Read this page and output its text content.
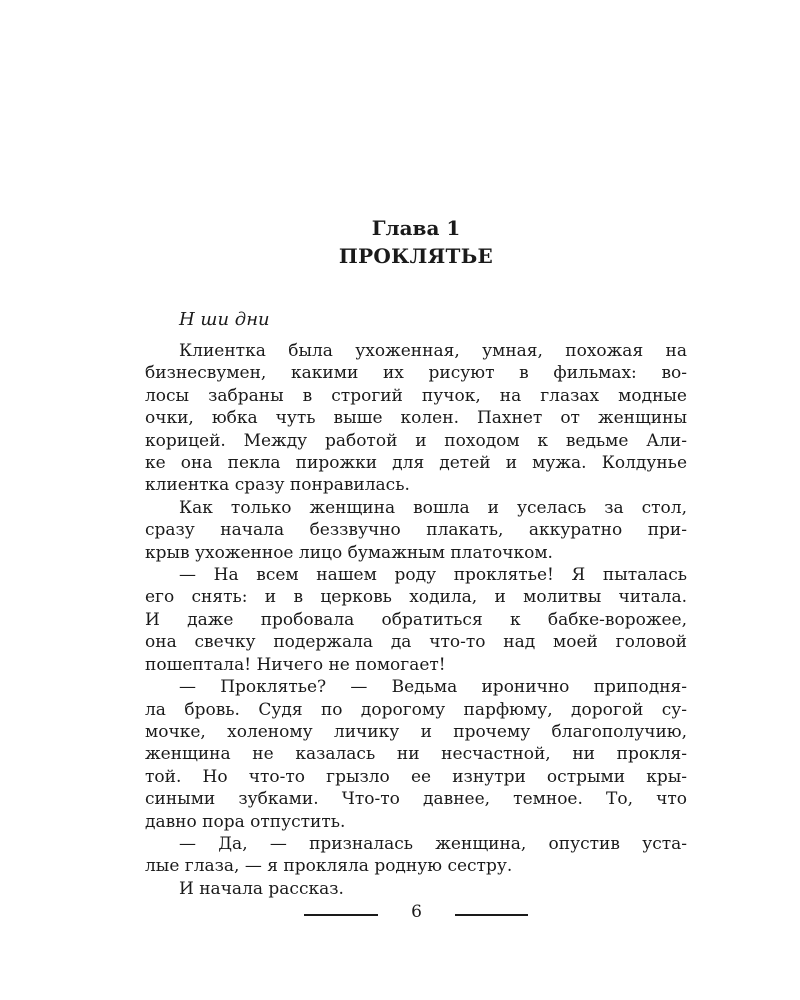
Глава 1
ПРОКЛЯТЬЕ
Н ши дни
Клиентка была ухоженная, умная, похожая на
бизнесвумен, какими их рисуют в фильмах: во-
лосы забраны в строгий пучок, на глазах модные
очки, юбка чуть выше колен. Пахнет от женщины
корицей. Между работой и походом к ведьме Али-
ке она пекла пирожки для детей и мужа. Колдунье
клиентка сразу понравилась.
Как только женщина вошла и уселась за стол,
сразу начала беззвучно плакать, аккуратно при-
крыв ухоженное лицо бумажным платочком.
— На всем нашем роду проклятье! Я пыталась
его снять: и в церковь ходила, и молитвы читала.
И даже пробовала обратиться к бабке-ворожее,
она свечку подержала да что-то над моей головой
пошептала! Ничего не помогает!
— Проклятье? — Ведьма иронично приподня-
ла бровь. Судя по дорогому парфюму, дорогой су-
мочке, холеному личику и прочему благополучию,
женщина не казалась ни несчастной, ни прокля-
той. Но что-то грызло ее изнутри острыми кры-
сиными зубками. Что-то давнее, темное. То, что
давно пора отпустить.
— Да, — призналась женщина, опустив уста-
лые глаза, — я прокляла родную сестру.
И начала рассказ.
6
